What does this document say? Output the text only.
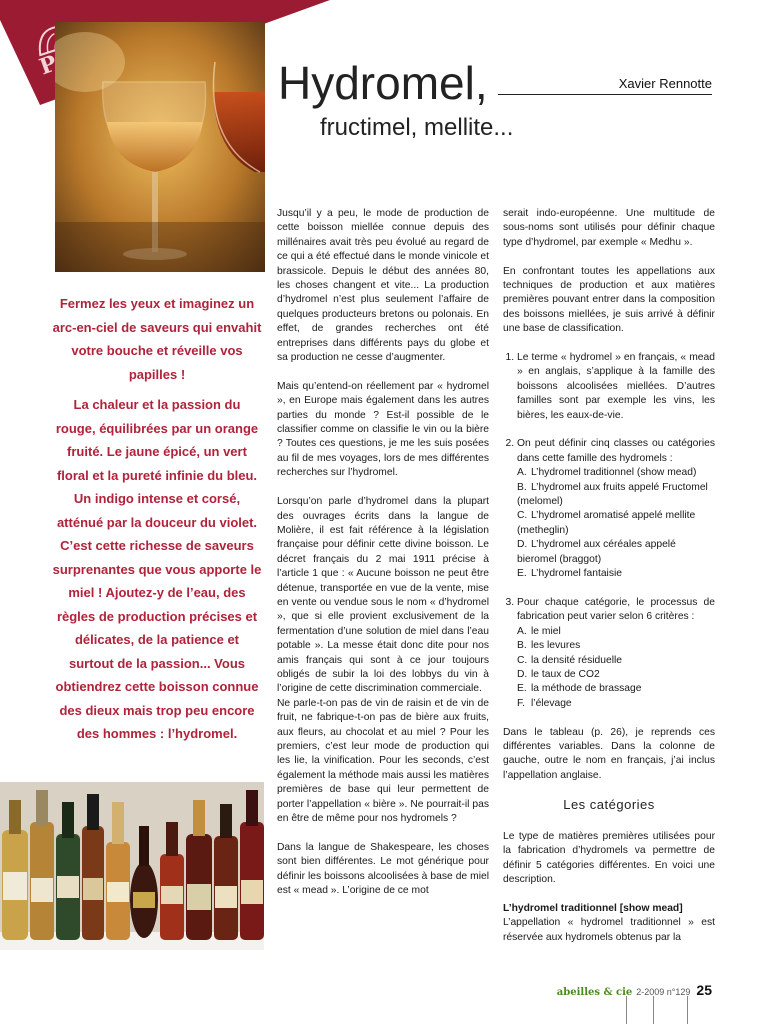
Hydromel,	Xavier Rennotte
fructimel, mellite...

Fermez les yeux et imaginez un arc-en-ciel de saveurs qui envahit votre bouche et réveille vos papilles !

La chaleur et la passion du rouge, équilibrées par un orange fruité. Le jaune épicé, un vert floral et la pureté infinie du bleu. Un indigo intense et corsé, atténué par la douceur du violet. C’est cette richesse de saveurs surprenantes que vous apporte le miel ! Ajoutez-y de l’eau, des règles de production précises et délicates, de la patience et surtout de la passion... Vous obtiendrez cette boisson connue des dieux mais trop peu encore des hommes : l’hydromel.

Jusqu’il y a peu, le mode de production de cette boisson miellée connue depuis des millénaires avait très peu évolué au regard de ce qui a été effectué dans le monde vinicole et brassicole. Depuis le début des années 80, les choses changent et vite... La production d’hydromel n’est plus seulement l’affaire de quelques producteurs bretons ou polonais. En effet, de grandes recherches ont été entreprises dans différents pays du globe et sa production ne cesse d’augmenter.

Mais qu’entend-on réellement par « hydromel », en Europe mais également dans les autres parties du monde ? Est-il possible de le classifier comme on classifie le vin ou la bière ? Toutes ces questions, je me les suis posées au fil de mes voyages, lors de mes différentes recherches sur l’hydromel.

Lorsqu’on parle d’hydromel dans la plupart des ouvrages écrits dans la langue de Molière, il est fait référence à la législation française pour définir cette divine boisson. Le décret français du 2 mai 1911 précise à l’article 1 que : « Aucune boisson ne peut être détenue, transportée en vue de la vente, mise en vente ou vendue sous le nom « d’hydromel », que si elle provient exclusivement de la fermentation d’une solution de miel dans l’eau potable ». La messe était donc dite pour nos amis français qui sont à ce jour toujours obligés de subir la loi des lobbys du vin à l’origine de cette discrimination commerciale.

Ne parle-t-on pas de vin de raisin et de vin de fruit, ne fabrique-t-on pas de bière aux fruits, aux fleurs, au chocolat et au miel ? Pour les premiers, c’est leur mode de production qui les lie, la vinification. Pour les seconds, c’est également la méthode mais aussi les matières premières de base qui leur permettent de porter l’appellation « bière ». Ne pourrait-il pas en être de même pour nos hydromels ?

Dans la langue de Shakespeare, les choses sont bien différentes. Le mot générique pour définir les boissons alcoolisées à base de miel est « mead ». L’origine de ce mot

serait indo-européenne. Une multitude de sous-noms sont utilisés pour définir chaque type d’hydromel, par exemple « Medhu ».

En confrontant toutes les appellations aux techniques de production et aux matières premières pouvant entrer dans la composition des boissons miellées, je suis arrivé à définir une base de classification.

1. Le terme « hydromel » en français, « mead » en anglais, s’applique à la famille des boissons alcoolisées miellées. D’autres familles sont par exemple les vins, les bières, les eaux-de-vie.
2. On peut définir cinq classes ou catégories dans cette famille des hydromels :
A. L’hydromel traditionnel (show mead)
B. L’hydromel aux fruits appelé Fructomel (melomel)
C. L’hydromel aromatisé appelé mellite (metheglin)
D. L’hydromel aux céréales appelé bieromel (braggot)
E. L’hydromel fantaisie
3. Pour chaque catégorie, le processus de fabrication peut varier selon 6 critères :
A. le miel
B. les levures
C. la densité résiduelle
D. le taux de CO2
E. la méthode de brassage
F. l’élevage

Dans le tableau (p. 26), je reprends ces différentes variables. Dans la colonne de gauche, outre le nom en français, j’ai inclus l’appellation anglaise.

Les catégories

Le type de matières premières utilisées pour la fabrication d’hydromels va permettre de définir 5 catégories différentes. En voici une description.

L’hydromel traditionnel [show mead]

L’appellation « hydromel traditionnel » est réservée aux hydromels obtenus par la

abeilles & cie 2-2009 n°129 25
